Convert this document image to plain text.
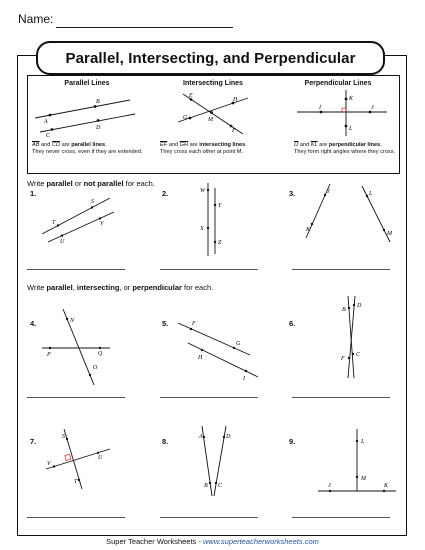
Name:
Parallel, Intersecting, and Perpendicular
Parallel Lines
A
B
C
D
$\overline{AB}$ and $\overline{CD}$ are parallel lines.
They never cross, even if they are extended.
Intersecting Lines
E
F
G
H
M
$\overline{EF}$ and $\overline{GH}$ are intersecting lines.
They cross each other at point M.
Perpendicular Lines
I	J
K
L
$\overline{IJ}$ and $\overline{KL}$ are perpendicular lines.
They form right angles where they cross.
Write parallel or not parallel for each.
1.
T
S
U
V
2.	W
X
Y
Z
3.	J
K
L
M
Write parallel, intersecting, or perpendicular for each.
4.	N
O
P	Q
5.	F
G
H
I
6.
B
C
D
F
7.	S
T
U
V
8.	A
B C
D	9.
J	K
L
M
Super Teacher Worksheets - www.superteacherworksheets.com
